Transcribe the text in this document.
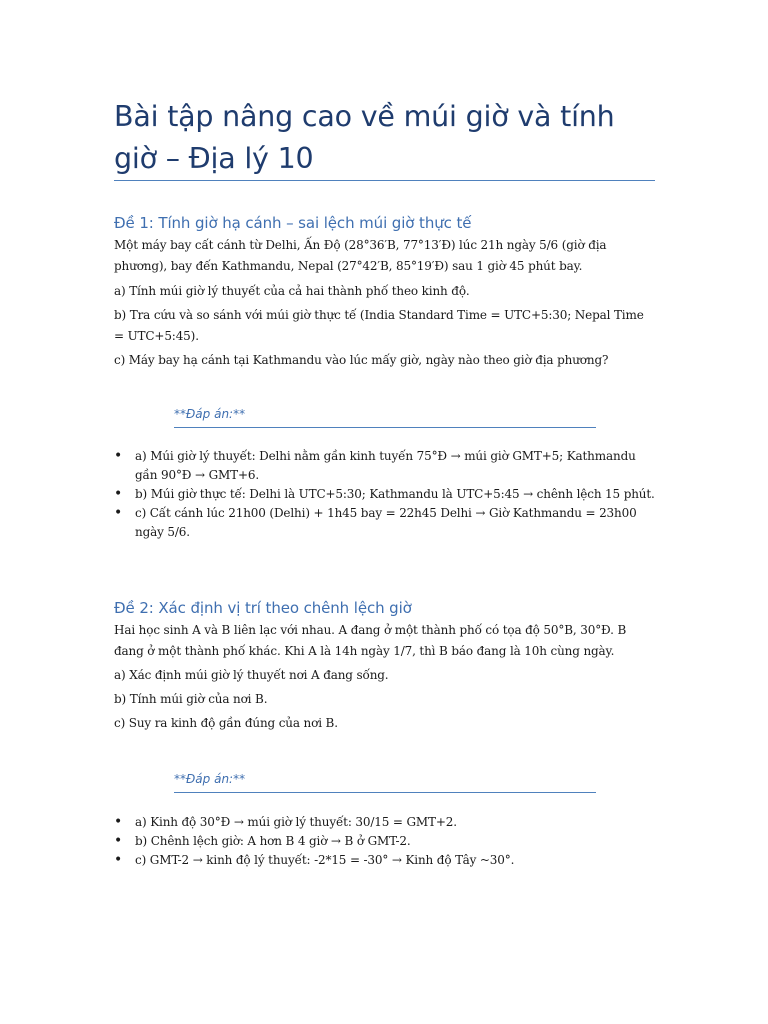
Bài tập nâng cao về múi giờ và tính giờ – Địa lý 10
Đề 1: Tính giờ hạ cánh – sai lệch múi giờ thực tế

Một máy bay cất cánh từ Delhi, Ấn Độ (28°36′B, 77°13′Đ) lúc 21h ngày 5/6 (giờ địa phương), bay đến Kathmandu, Nepal (27°42′B, 85°19′Đ) sau 1 giờ 45 phút bay.

a) Tính múi giờ lý thuyết của cả hai thành phố theo kinh độ.

b) Tra cứu và so sánh với múi giờ thực tế (India Standard Time = UTC+5:30; Nepal Time = UTC+5:45).

c) Máy bay hạ cánh tại Kathmandu vào lúc mấy giờ, ngày nào theo giờ địa phương?

**Đáp án:**
• a) Múi giờ lý thuyết: Delhi nằm gần kinh tuyến 75°Đ → múi giờ GMT+5; Kathmandu gần 90°Đ → GMT+6.
• b) Múi giờ thực tế: Delhi là UTC+5:30; Kathmandu là UTC+5:45 → chênh lệch 15 phút.
• c) Cất cánh lúc 21h00 (Delhi) + 1h45 bay = 22h45 Delhi → Giờ Kathmandu = 23h00 ngày 5/6.
Đề 2: Xác định vị trí theo chênh lệch giờ

Hai học sinh A và B liên lạc với nhau. A đang ở một thành phố có tọa độ 50°B, 30°Đ. B đang ở một thành phố khác. Khi A là 14h ngày 1/7, thì B báo đang là 10h cùng ngày.

a) Xác định múi giờ lý thuyết nơi A đang sống.

b) Tính múi giờ của nơi B.

c) Suy ra kinh độ gần đúng của nơi B.

**Đáp án:**
• a) Kinh độ 30°Đ → múi giờ lý thuyết: 30/15 = GMT+2.
• b) Chênh lệch giờ: A hơn B 4 giờ → B ở GMT-2.
• c) GMT-2 → kinh độ lý thuyết: -2*15 = -30° → Kinh độ Tây ~30°.
